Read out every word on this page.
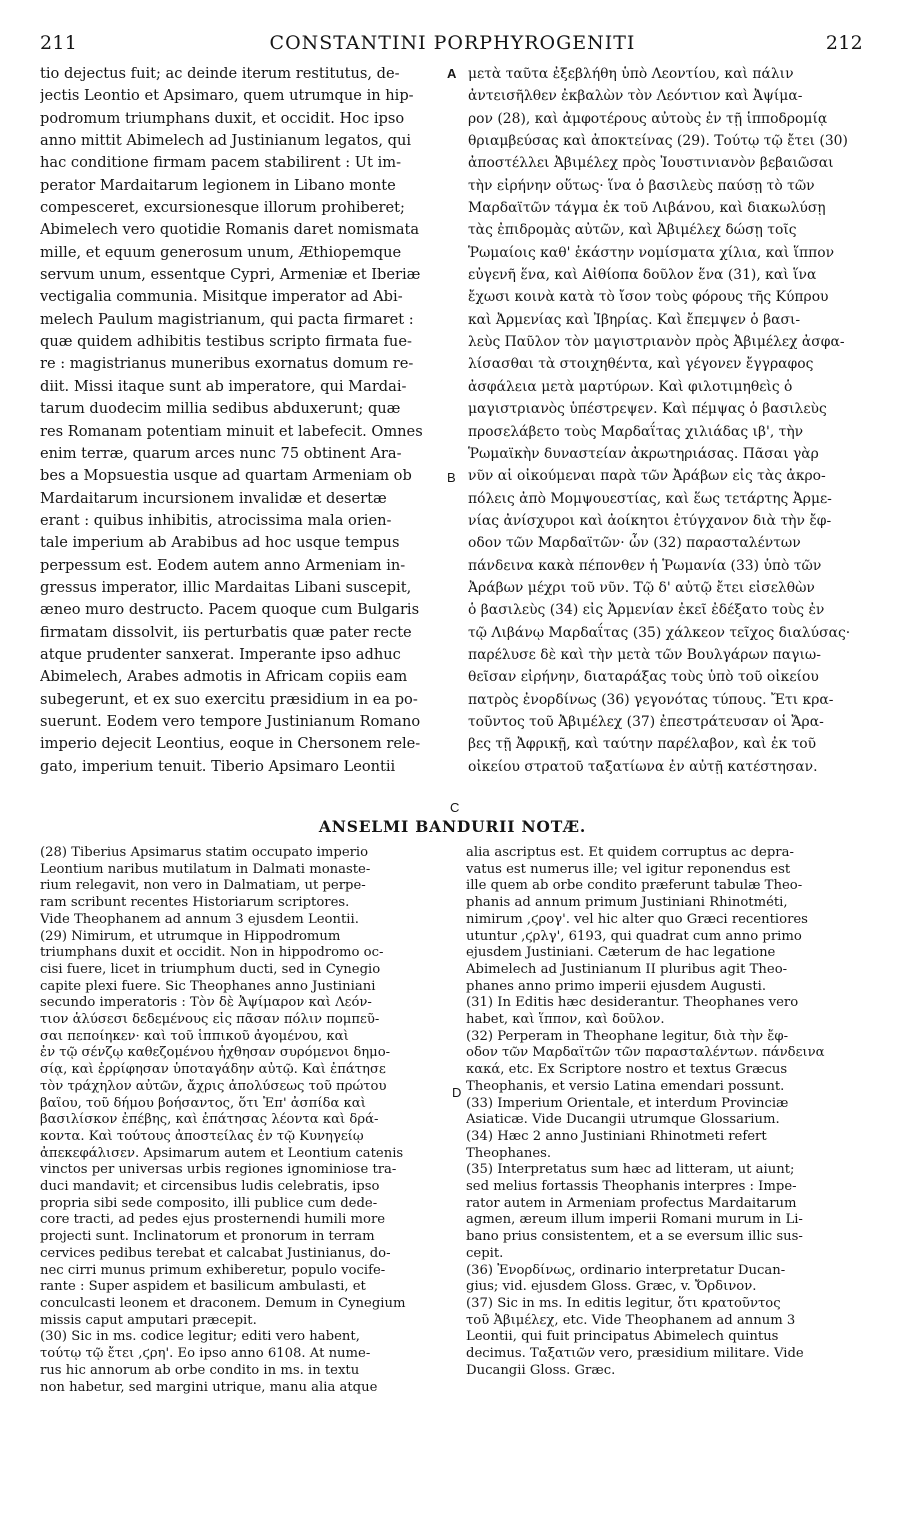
211	CONSTANTINI PORPHYROGENITI	212
tio dejectus fuit; ac deinde iterum restitutus, de-
jectis Leontio et Apsimaro, quem utrumque in hip-
podromum triumphans duxit, et occidit. Hoc ipso
anno mittit Abimelech ad Justinianum legatos, qui
hac conditione firmam pacem stabilirent : Ut im-
perator Mardaitarum legionem in Libano monte
compesceret, excursionesque illorum prohiberet;
Abimelech vero quotidie Romanis daret nomismata
mille, et equum generosum unum, Æthiopemque
servum unum, essentque Cypri, Armeniæ et Iberiæ
vectigalia communia. Misitque imperator ad Abi-
melech Paulum magistrianum, qui pacta firmaret :
quæ quidem adhibitis testibus scripto firmata fue-
re : magistrianus muneribus exornatus domum re-
diit. Missi itaque sunt ab imperatore, qui Mardai-
tarum duodecim millia sedibus abduxerunt; quæ
res Romanam potentiam minuit et labefecit. Omnes
enim terræ, quarum arces nunc 75 obtinent Ara-
bes a Mopsuestia usque ad quartam Armeniam ob
Mardaitarum incursionem invalidæ et desertæ
erant : quibus inhibitis, atrocissima mala orien-
tale imperium ab Arabibus ad hoc usque tempus
perpessum est. Eodem autem anno Armeniam in-
gressus imperator, illic Mardaitas Libani suscepit,
æneo muro destructo. Pacem quoque cum Bulgaris
firmatam dissolvit, iis perturbatis quæ pater recte
atque prudenter sanxerat. Imperante ipso adhuc
Abimelech, Arabes admotis in Africam copiis eam
subegerunt, et ex suo exercitu præsidium in ea po-
suerunt. Eodem vero tempore Justinianum Romano
imperio dejecit Leontius, eoque in Chersonem rele-
gato, imperium tenuit. Tiberio Apsimaro Leontii
μετὰ ταῦτα ἐξεβλήθη ὑπὸ Λεοντίου, καὶ πάλιν
ἀντεισῆλθεν ἐκβαλὼν τὸν Λεόντιον καὶ Ἀψίμα-
ρον (28), καὶ ἀμφοτέρους αὐτοὺς ἐν τῇ ἱπποδρομίᾳ
θριαμβεύσας καὶ ἀποκτείνας (29). Τούτῳ τῷ ἔτει (30)
ἀποστέλλει Ἀβιμέλεχ πρὸς Ἰουστινιανὸν βεβαιῶσαι
τὴν εἰρήνην οὕτως· ἵνα ὁ βασιλεὺς παύσῃ τὸ τῶν
Μαρδαϊτῶν τάγμα ἐκ τοῦ Λιβάνου, καὶ διακωλύσῃ
τὰς ἐπιδρομὰς αὐτῶν, καὶ Ἀβιμέλεχ δώσῃ τοῖς
Ῥωμαίοις καθ' ἑκάστην νομίσματα χίλια, καὶ ἵππον
εὐγενῆ ἕνα, καὶ Αἰθίοπα δοῦλον ἕνα (31), καὶ ἵνα
ἔχωσι κοινὰ κατὰ τὸ ἴσον τοὺς φόρους τῆς Κύπρου
καὶ Ἀρμενίας καὶ Ἰβηρίας. Καὶ ἔπεμψεν ὁ βασι-
λεὺς Παῦλον τὸν μαγιστριανὸν πρὸς Ἀβιμέλεχ ἀσφα-
λίσασθαι τὰ στοιχηθέντα, καὶ γέγονεν ἔγγραφος
ἀσφάλεια μετὰ μαρτύρων. Καὶ φιλοτιμηθεὶς ὁ
μαγιστριανὸς ὑπέστρεψεν. Καὶ πέμψας ὁ βασιλεὺς
προσελάβετο τοὺς Μαρδαΐτας χιλιάδας ιβ', τὴν
Ῥωμαϊκὴν δυναστείαν ἀκρωτηριάσας. Πᾶσαι γὰρ
νῦν αἱ οἰκούμεναι παρὰ τῶν Ἀράβων εἰς τὰς ἀκρο-
πόλεις ἀπὸ Μομψουεστίας, καὶ ἕως τετάρτης Ἀρμε-
νίας ἀνίσχυροι καὶ ἀοίκητοι ἐτύγχανον διὰ τὴν ἔφ-
οδον τῶν Μαρδαϊτῶν· ὧν (32) παρασταλέντων
πάνδεινα κακὰ πέπονθεν ἡ Ῥωμανία (33) ὑπὸ τῶν
Ἀράβων μέχρι τοῦ νῦν. Τῷ δ' αὐτῷ ἔτει εἰσελθὼν
ὁ βασιλεὺς (34) εἰς Ἀρμενίαν ἐκεῖ ἐδέξατο τοὺς ἐν
τῷ Λιβάνῳ Μαρδαΐτας (35) χάλκεον τεῖχος διαλύσας·
παρέλυσε δὲ καὶ τὴν μετὰ τῶν Βουλγάρων παγιω-
θεῖσαν εἰρήνην, διαταράξας τοὺς ὑπὸ τοῦ οἰκείου
πατρὸς ἐνορδίνως (36) γεγονότας τύπους. Ἔτι κρα-
τοῦντος τοῦ Ἀβιμέλεχ (37) ἐπεστράτευσαν οἱ Ἄρα-
βες τῇ Ἀφρικῇ, καὶ ταύτην παρέλαβον, καὶ ἐκ τοῦ
οἰκείου στρατοῦ ταξατίωνα ἐν αὐτῇ κατέστησαν.
A
B
C
D
ANSELMI BANDURII NOTÆ.
(28) Tiberius Apsimarus statim occupato imperio
Leontium naribus mutilatum in Dalmati monaste-
rium relegavit, non vero in Dalmatiam, ut perpe-
ram scribunt recentes Historiarum scriptores.
Vide Theophanem ad annum 3 ejusdem Leontii.
(29) Nimirum, et utrumque in Hippodromum
triumphans duxit et occidit. Non in hippodromo oc-
cisi fuere, licet in triumphum ducti, sed in Cynegio
capite plexi fuere. Sic Theophanes anno Justiniani
secundo imperatoris : Τὸν δὲ Ἀψίμαρον καὶ Λεόν-
τιον ἁλύσεσι δεδεμένους εἰς πᾶσαν πόλιν πομπεῦ-
σαι πεποίηκεν· καὶ τοῦ ἱππικοῦ ἀγομένου, καὶ
ἐν τῷ σένζῳ καθεζομένου ἧχθησαν συρόμενοι δημο-
σίᾳ, καὶ ἐρρίφησαν ὑποταγάδην αὐτῷ. Καὶ ἐπάτησε
τὸν τράχηλον αὐτῶν, ἄχρις ἀπολύσεως τοῦ πρώτου
βαΐου, τοῦ δήμου βοήσαντος, ὅτι Ἐπ' ἀσπίδα καὶ
βασιλίσκον ἐπέβης, καὶ ἐπάτησας λέοντα καὶ δρά-
κοντα. Καὶ τούτους ἀποστείλας ἐν τῷ Κυνηγείῳ
ἀπεκεφάλισεν. Apsimarum autem et Leontium catenis
vinctos per universas urbis regiones ignominiose tra-
duci mandavit; et circensibus ludis celebratis, ipso
propria sibi sede composito, illi publice cum dede-
core tracti, ad pedes ejus prosternendi humili more
projecti sunt. Inclinatorum et pronorum in terram
cervices pedibus terebat et calcabat Justinianus, do-
nec cirri munus primum exhiberetur, populo vocife-
rante : Super aspidem et basilicum ambulasti, et
conculcasti leonem et draconem. Demum in Cynegium
missis caput amputari præcepit.
(30) Sic in ms. codice legitur; editi vero habent,
τούτῳ τῷ ἔτει ,ϛρη'. Eo ipso anno 6108. At nume-
rus hic annorum ab orbe condito in ms. in textu
non habetur, sed margini utrique, manu alia atque
alia ascriptus est. Et quidem corruptus ac depra-
vatus est numerus ille; vel igitur reponendus est
ille quem ab orbe condito præferunt tabulæ Theo-
phanis ad annum primum Justiniani Rhinotméti,
nimirum ,ϛρογ'. vel hic alter quo Græci recentiores
utuntur ,ϛρλγ', 6193, qui quadrat cum anno primo
ejusdem Justiniani. Cæterum de hac legatione
Abimelech ad Justinianum II pluribus agit Theo-
phanes anno primo imperii ejusdem Augusti.
(31) In Editis hæc desiderantur. Theophanes vero
habet, καὶ ἵππον, καὶ δοῦλον.
(32) Perperam in Theophane legitur, διὰ τὴν ἔφ-
οδον τῶν Μαρδαϊτῶν τῶν παρασταλέντων. πάνδεινα
κακά, etc. Ex Scriptore nostro et textus Græcus
Theophanis, et versio Latina emendari possunt.
(33) Imperium Orientale, et interdum Provinciæ
Asiaticæ. Vide Ducangii utrumque Glossarium.
(34) Hæc 2 anno Justiniani Rhinotmeti refert
Theophanes.
(35) Interpretatus sum hæc ad litteram, ut aiunt;
sed melius fortassis Theophanis interpres : Impe-
rator autem in Armeniam profectus Mardaitarum
agmen, æreum illum imperii Romani murum in Li-
bano prius consistentem, et a se eversum illic sus-
cepit.
(36) Ἐνορδίνως, ordinario interpretatur Ducan-
gius; vid. ejusdem Gloss. Græc, v. Ὄρδινον.
(37) Sic in ms. In editis legitur, ὅτι κρατοῦντος
τοῦ Ἀβιμέλεχ, etc. Vide Theophanem ad annum 3
Leontii, qui fuit principatus Abimelech quintus
decimus. Ταξατιῶν vero, præsidium militare. Vide
Ducangii Gloss. Græc.
